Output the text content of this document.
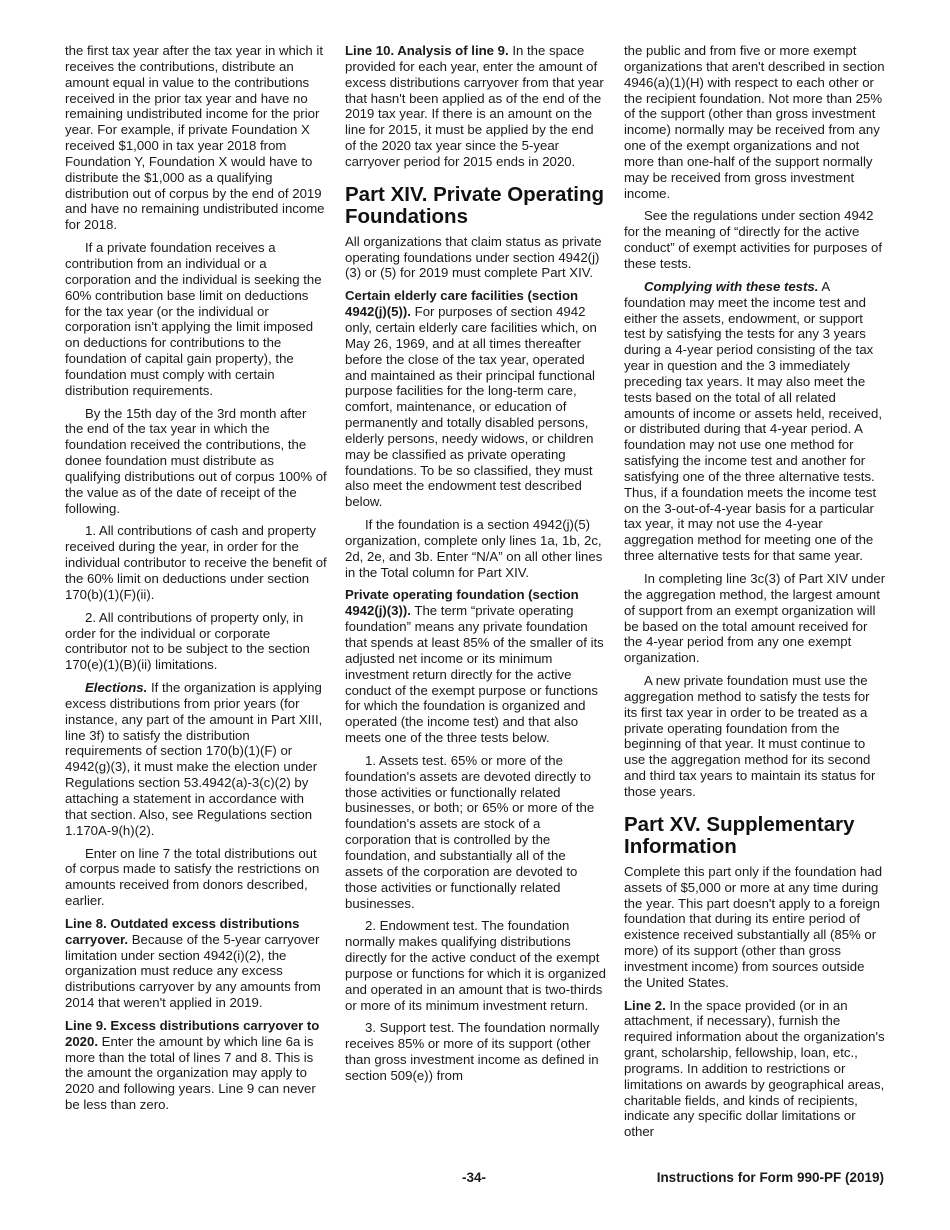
the first tax year after the tax year in which it receives the contributions, distribute an amount equal in value to the contributions received in the prior tax year and have no remaining undistributed income for the prior year. For example, if private Foundation X received $1,000 in tax year 2018 from Foundation Y, Foundation X would have to distribute the $1,000 as a qualifying distribution out of corpus by the end of 2019 and have no remaining undistributed income for 2018.

If a private foundation receives a contribution from an individual or a corporation and the individual is seeking the 60% contribution base limit on deductions for the tax year (or the individual or corporation isn't applying the limit imposed on deductions for contributions to the foundation of capital gain property), the foundation must comply with certain distribution requirements.

By the 15th day of the 3rd month after the end of the tax year in which the foundation received the contributions, the donee foundation must distribute as qualifying distributions out of corpus 100% of the value as of the date of receipt of the following.

1. All contributions of cash and property received during the year, in order for the individual contributor to receive the benefit of the 60% limit on deductions under section 170(b)(1)(F)(ii).

2. All contributions of property only, in order for the individual or corporate contributor not to be subject to the section 170(e)(1)(B)(ii) limitations.

Elections. If the organization is applying excess distributions from prior years (for instance, any part of the amount in Part XIII, line 3f) to satisfy the distribution requirements of section 170(b)(1)(F) or 4942(g)(3), it must make the election under Regulations section 53.4942(a)-3(c)(2) by attaching a statement in accordance with that section. Also, see Regulations section 1.170A-9(h)(2).

Enter on line 7 the total distributions out of corpus made to satisfy the restrictions on amounts received from donors described, earlier.

Line 8. Outdated excess distributions carryover. Because of the 5-year carryover limitation under section 4942(i)(2), the organization must reduce any excess distributions carryover by any amounts from 2014 that weren't applied in 2019.

Line 9. Excess distributions carryover to 2020. Enter the amount by which line 6a is more than the total of lines 7 and 8. This is the amount the organization may apply to 2020 and following years. Line 9 can never be less than zero.

Line 10. Analysis of line 9. In the space provided for each year, enter the amount of excess distributions carryover from that year that hasn't been applied as of the end of the 2019 tax year. If there is an amount on the line for 2015, it must be applied by the end of the 2020 tax year since the 5-year carryover period for 2015 ends in 2020.

Part XIV. Private Operating Foundations

All organizations that claim status as private operating foundations under section 4942(j)(3) or (5) for 2019 must complete Part XIV.

Certain elderly care facilities (section 4942(j)(5)). For purposes of section 4942 only, certain elderly care facilities which, on May 26, 1969, and at all times thereafter before the close of the tax year, operated and maintained as their principal functional purpose facilities for the long-term care, comfort, maintenance, or education of permanently and totally disabled persons, elderly persons, needy widows, or children may be classified as private operating foundations. To be so classified, they must also meet the endowment test described below.

If the foundation is a section 4942(j)(5) organization, complete only lines 1a, 1b, 2c, 2d, 2e, and 3b. Enter “N/A” on all other lines in the Total column for Part XIV.

Private operating foundation (section 4942(j)(3)). The term “private operating foundation” means any private foundation that spends at least 85% of the smaller of its adjusted net income or its minimum investment return directly for the active conduct of the exempt purpose or functions for which the foundation is organized and operated (the income test) and that also meets one of the three tests below.

1. Assets test. 65% or more of the foundation's assets are devoted directly to those activities or functionally related businesses, or both; or 65% or more of the foundation's assets are stock of a corporation that is controlled by the foundation, and substantially all of the assets of the corporation are devoted to those activities or functionally related businesses.

2. Endowment test. The foundation normally makes qualifying distributions directly for the active conduct of the exempt purpose or functions for which it is organized and operated in an amount that is two-thirds or more of its minimum investment return.

3. Support test. The foundation normally receives 85% or more of its support (other than gross investment income as defined in section 509(e)) from

the public and from five or more exempt organizations that aren't described in section 4946(a)(1)(H) with respect to each other or the recipient foundation. Not more than 25% of the support (other than gross investment income) normally may be received from any one of the exempt organizations and not more than one-half of the support normally may be received from gross investment income.

See the regulations under section 4942 for the meaning of “directly for the active conduct” of exempt activities for purposes of these tests.

Complying with these tests. A foundation may meet the income test and either the assets, endowment, or support test by satisfying the tests for any 3 years during a 4-year period consisting of the tax year in question and the 3 immediately preceding tax years. It may also meet the tests based on the total of all related amounts of income or assets held, received, or distributed during that 4-year period. A foundation may not use one method for satisfying the income test and another for satisfying one of the three alternative tests. Thus, if a foundation meets the income test on the 3-out-of-4-year basis for a particular tax year, it may not use the 4-year aggregation method for meeting one of the three alternative tests for that same year.

In completing line 3c(3) of Part XIV under the aggregation method, the largest amount of support from an exempt organization will be based on the total amount received for the 4-year period from any one exempt organization.

A new private foundation must use the aggregation method to satisfy the tests for its first tax year in order to be treated as a private operating foundation from the beginning of that year. It must continue to use the aggregation method for its second and third tax years to maintain its status for those years.

Part XV. Supplementary Information

Complete this part only if the foundation had assets of $5,000 or more at any time during the year. This part doesn't apply to a foreign foundation that during its entire period of existence received substantially all (85% or more) of its support (other than gross investment income) from sources outside the United States.

Line 2. In the space provided (or in an attachment, if necessary), furnish the required information about the organization's grant, scholarship, fellowship, loan, etc., programs. In addition to restrictions or limitations on awards by geographical areas, charitable fields, and kinds of recipients, indicate any specific dollar limitations or other

-34-	Instructions for Form 990-PF (2019)
